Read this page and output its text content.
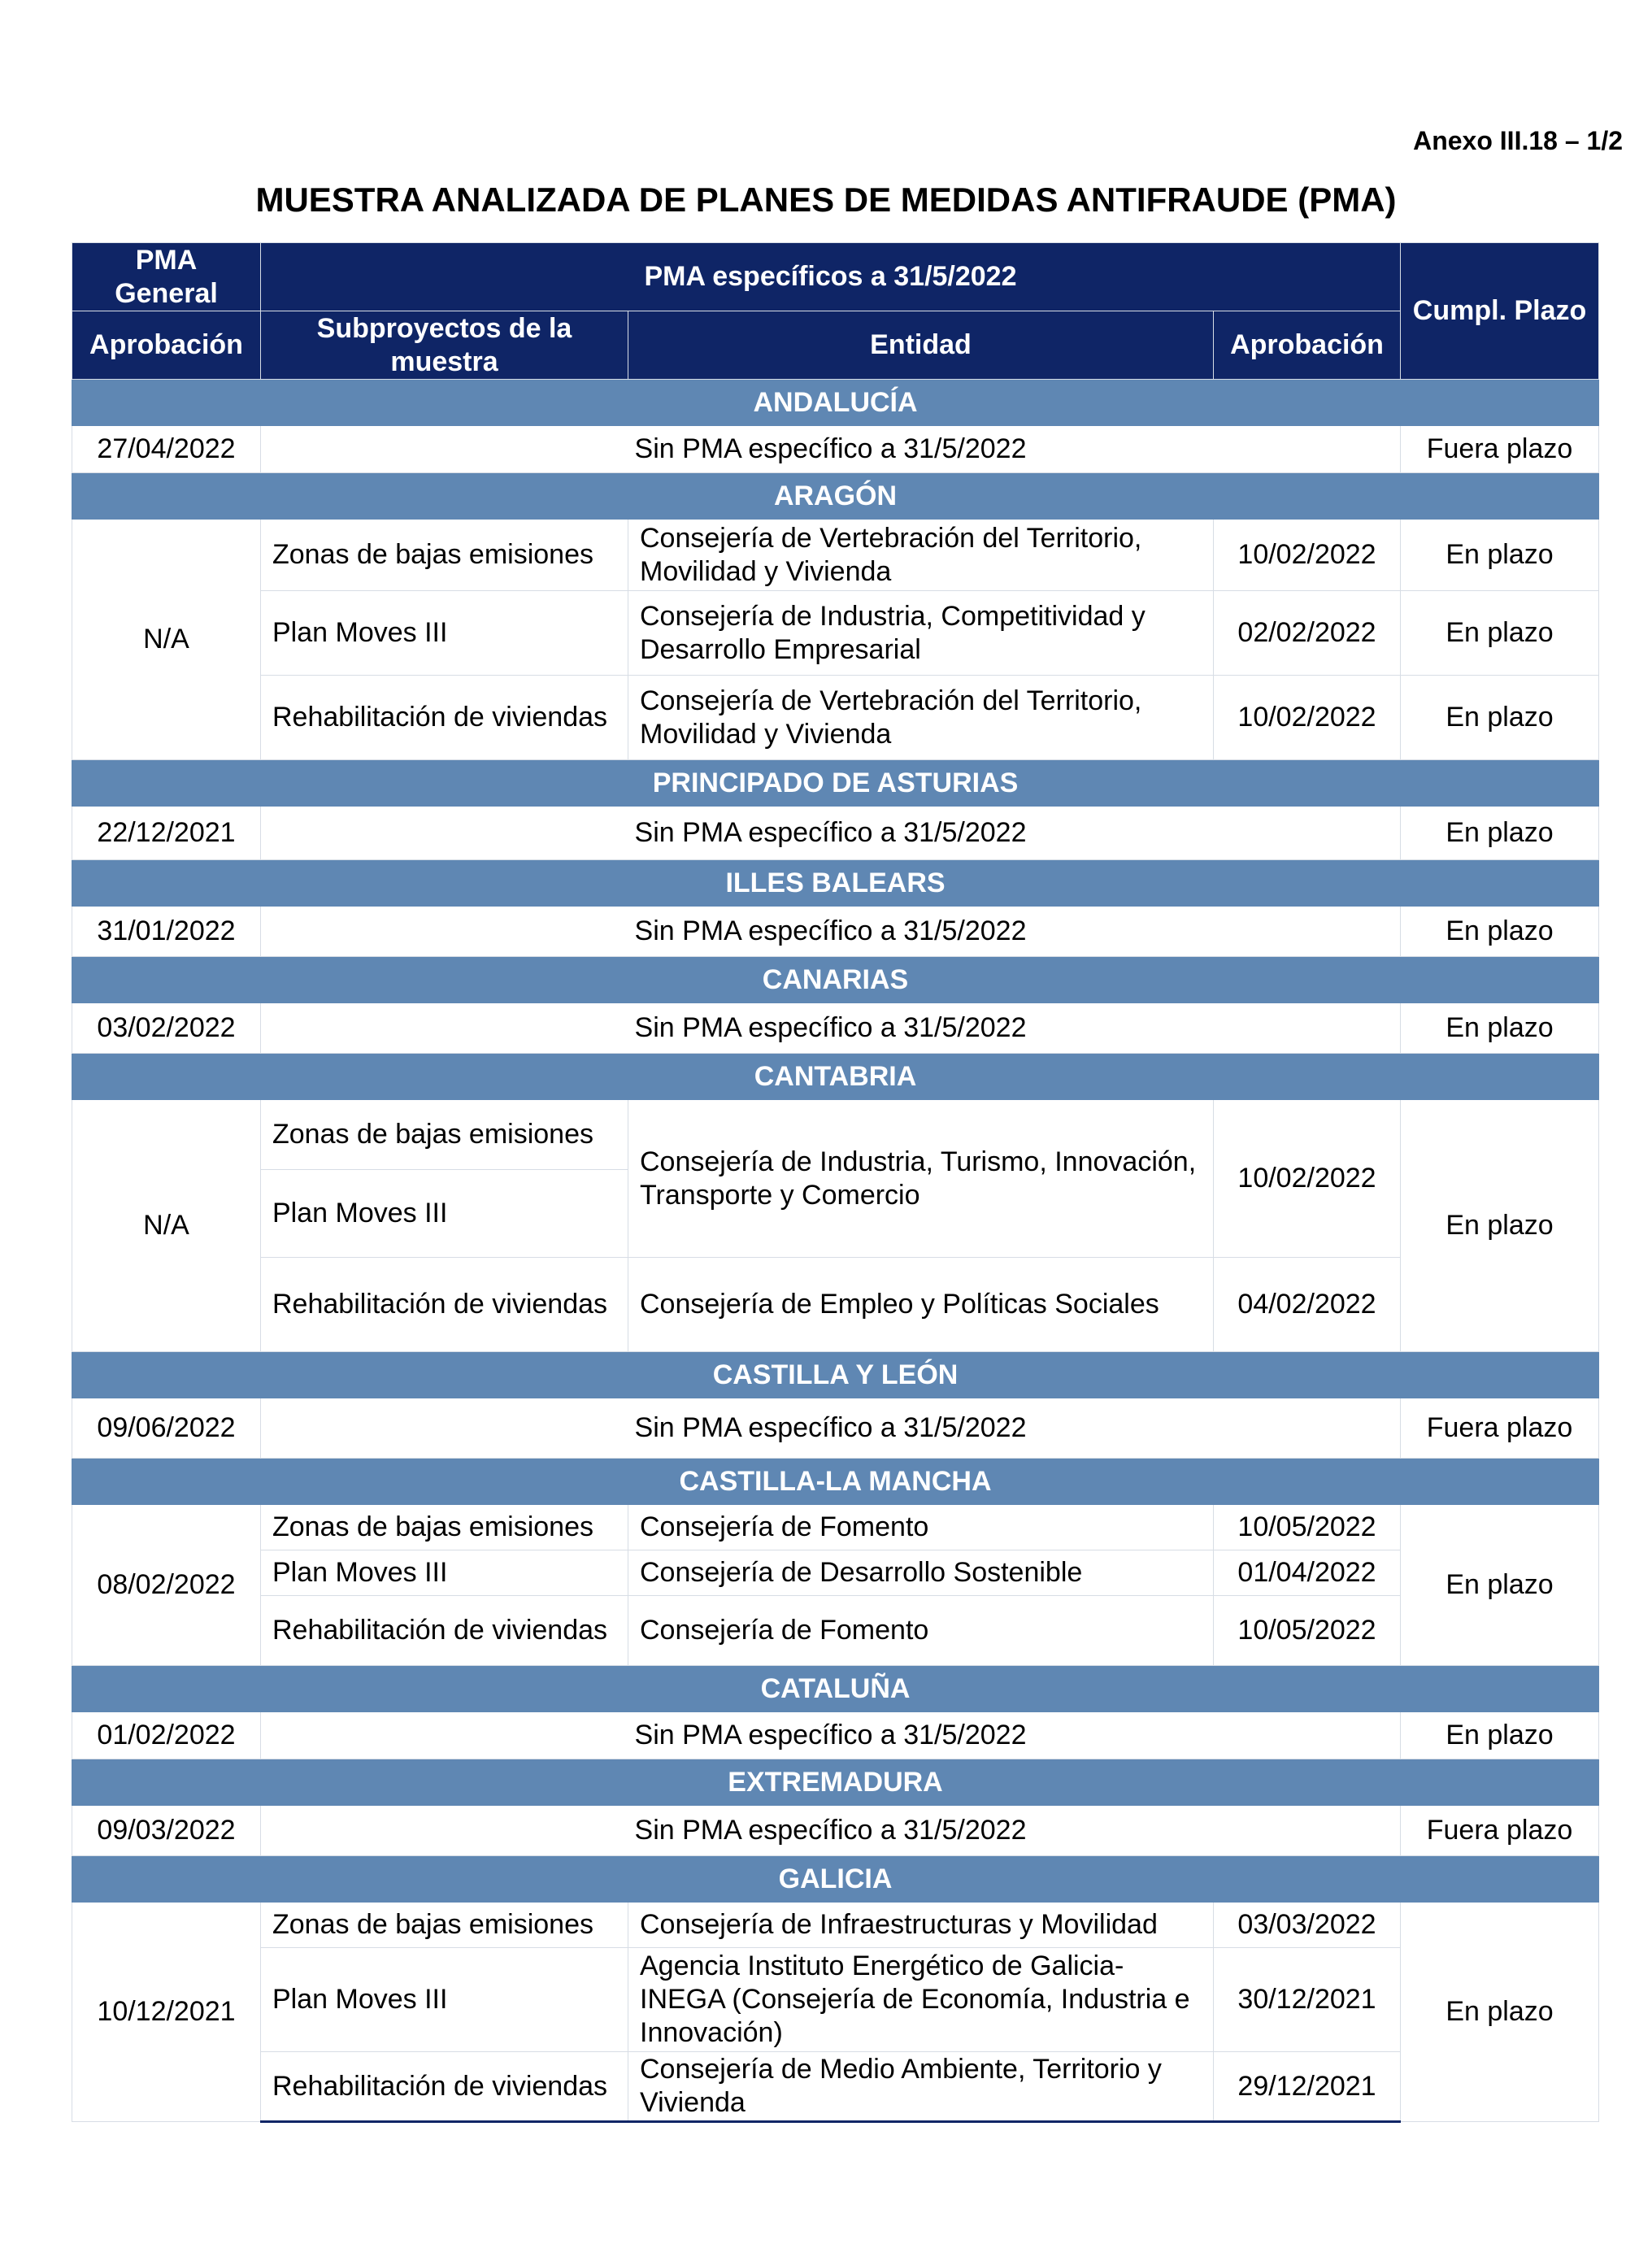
Anexo III.18 – 1/2
MUESTRA ANALIZADA DE PLANES DE MEDIDAS ANTIFRAUDE (PMA)
PMA General	PMA específicos a 31/5/2022			Cumpl. Plazo
Aprobación	Subproyectos de la muestra	Entidad	Aprobación	
ANDALUCÍA				
27/04/2022	Sin PMA específico a 31/5/2022			Fuera plazo
ARAGÓN				
N/A	Zonas de bajas emisiones	Consejería de Vertebración del Territorio, Movilidad y Vivienda	10/02/2022	En plazo
	Plan Moves III	Consejería de Industria, Competitividad y Desarrollo Empresarial	02/02/2022	En plazo
	Rehabilitación de viviendas	Consejería de Vertebración del Territorio, Movilidad y Vivienda	10/02/2022	En plazo
PRINCIPADO DE ASTURIAS				
22/12/2021	Sin PMA específico a 31/5/2022			En plazo
ILLES BALEARS				
31/01/2022	Sin PMA específico a 31/5/2022			En plazo
CANARIAS				
03/02/2022	Sin PMA específico a 31/5/2022			En plazo
CANTABRIA				
N/A	Zonas de bajas emisiones	Consejería de Industria, Turismo, Innovación, Transporte y Comercio	10/02/2022	En plazo
	Plan Moves III			
	Rehabilitación de viviendas	Consejería de Empleo y Políticas Sociales	04/02/2022	
CASTILLA Y LEÓN				
09/06/2022	Sin PMA específico a 31/5/2022			Fuera plazo
CASTILLA-LA MANCHA				
08/02/2022	Zonas de bajas emisiones	Consejería de Fomento	10/05/2022	En plazo
	Plan Moves III	Consejería de Desarrollo Sostenible	01/04/2022	
	Rehabilitación de viviendas	Consejería de Fomento	10/05/2022	
CATALUÑA				
01/02/2022	Sin PMA específico a 31/5/2022			En plazo
EXTREMADURA				
09/03/2022	Sin PMA específico a 31/5/2022			Fuera plazo
GALICIA				
10/12/2021	Zonas de bajas emisiones	Consejería de Infraestructuras y Movilidad	03/03/2022	En plazo
	Plan Moves III	Agencia Instituto Energético de Galicia-INEGA (Consejería de Economía, Industria e Innovación)	30/12/2021	
	Rehabilitación de viviendas	Consejería de Medio Ambiente, Territorio y Vivienda	29/12/2021	
